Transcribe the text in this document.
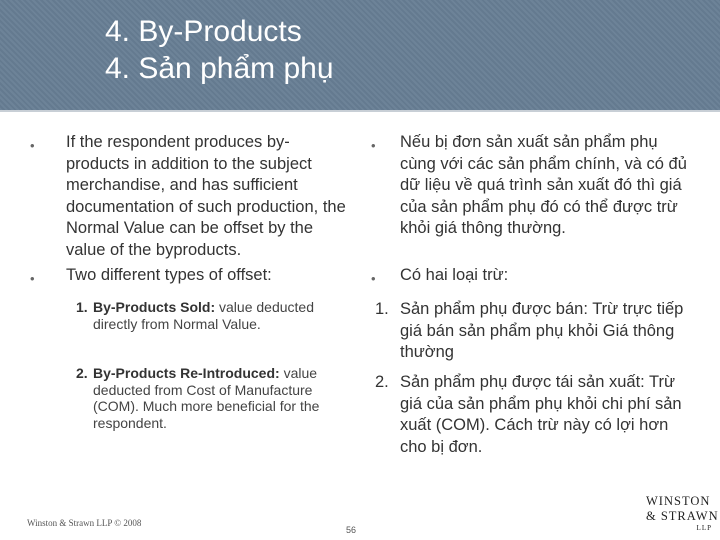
4. By-Products
4. Sản phẩm phụ
• If the respondent produces by-products in addition to the subject merchandise, and has sufficient documentation of such production, the Normal Value can be offset by the value of the byproducts.
• Two different types of offset:
1. By-Products Sold: value deducted directly from Normal Value.
2. By-Products Re-Introduced: value deducted from Cost of Manufacture (COM). Much more beneficial for the respondent.
• Nếu bị đơn sản xuất sản phẩm phụ cùng với các sản phẩm chính, và có đủ dữ liệu về quá trình sản xuất đó thì giá của sản phẩm phụ đó có thể được trừ khỏi giá thông thường.
• Có hai loại trừ:
1. Sản phẩm phụ được bán: Trừ trực tiếp giá bán sản phẩm phụ khỏi Giá thông thường
2. Sản phẩm phụ được tái sản xuất: Trừ giá của sản phẩm phụ khỏi chi phí sản xuất (COM). Cách trừ này có lợi hơn cho bị đơn.
Winston & Strawn LLP © 2008
56
WINSTON
& STRAWN
LLP
